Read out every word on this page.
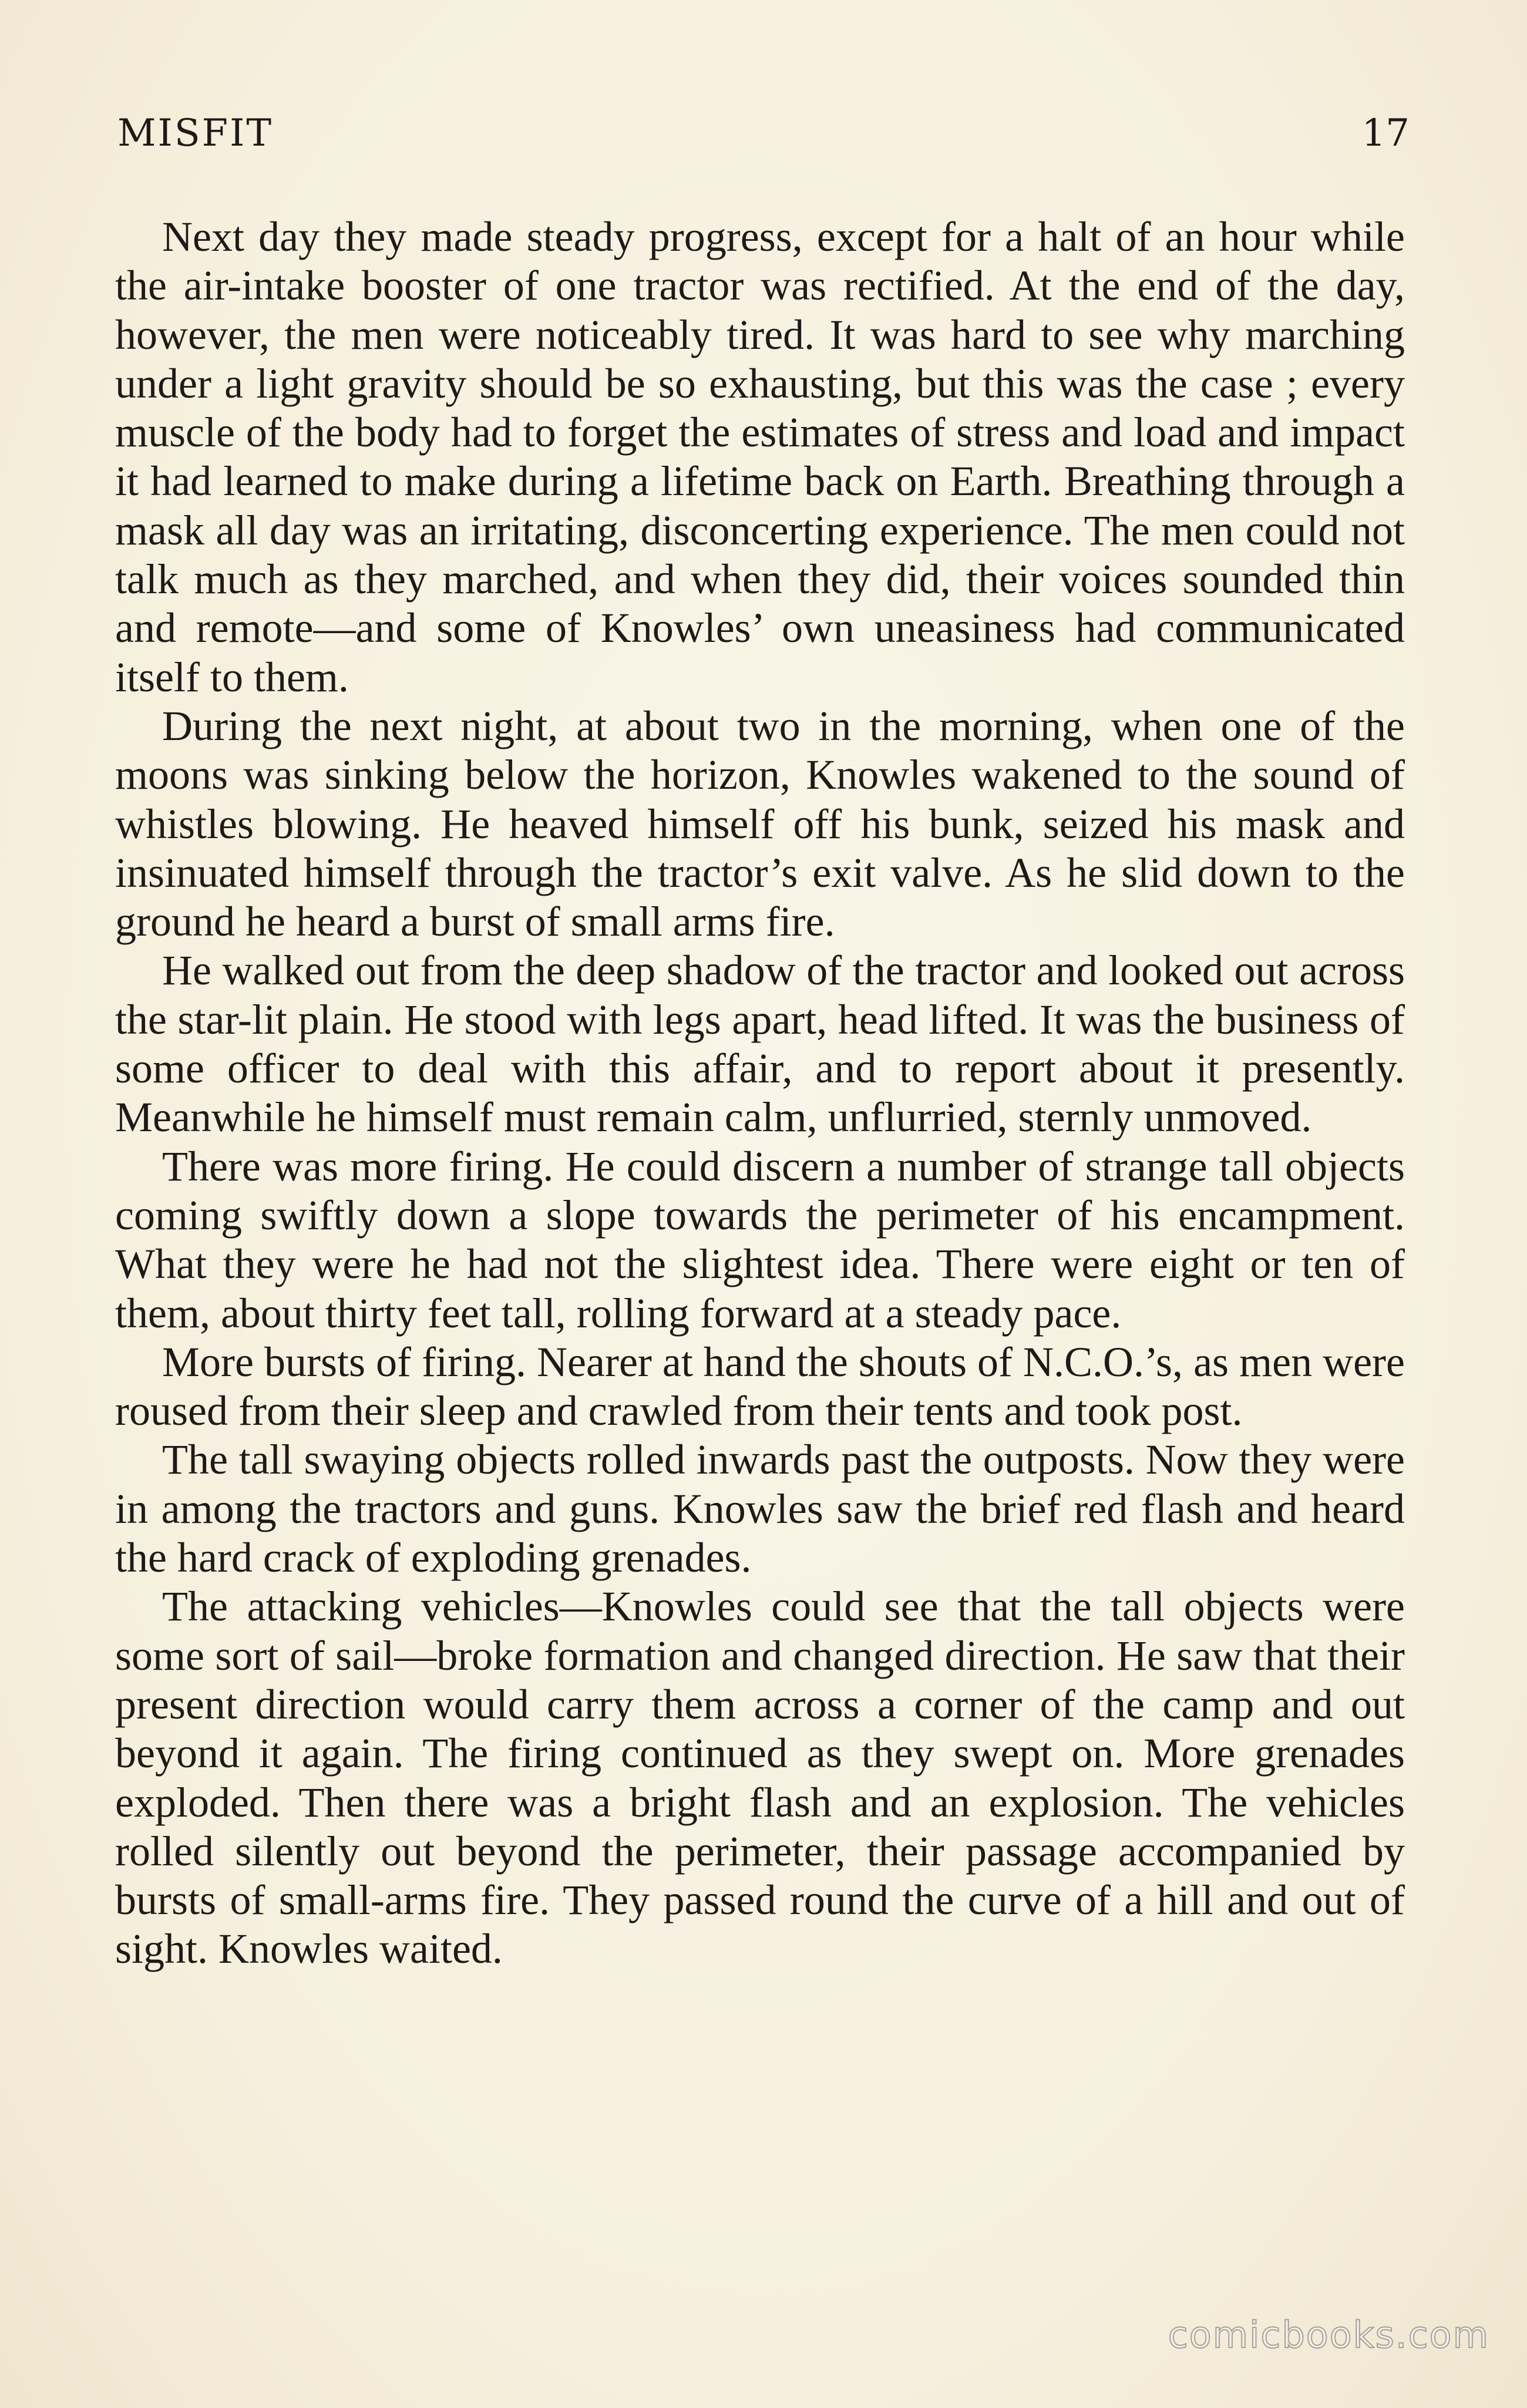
MISFIT	17

Next day they made steady progress, except for a halt of an hour while the air-intake booster of one tractor was rectified. At the end of the day, however, the men were noticeably tired. It was hard to see why marching under a light gravity should be so exhausting, but this was the case ; every muscle of the body had to forget the estimates of stress and load and impact it had learned to make during a lifetime back on Earth. Breathing through a mask all day was an irritating, disconcerting experience. The men could not talk much as they marched, and when they did, their voices sounded thin and remote—and some of Knowles’ own uneasiness had communicated itself to them.

During the next night, at about two in the morning, when one of the moons was sinking below the horizon, Knowles wakened to the sound of whistles blowing. He heaved himself off his bunk, seized his mask and insinuated himself through the tractor’s exit valve. As he slid down to the ground he heard a burst of small arms fire.

He walked out from the deep shadow of the tractor and looked out across the star-lit plain. He stood with legs apart, head lifted. It was the business of some officer to deal with this affair, and to report about it presently. Meanwhile he himself must remain calm, unflurried, sternly unmoved.

There was more firing. He could discern a number of strange tall objects coming swiftly down a slope towards the perimeter of his encampment. What they were he had not the slightest idea. There were eight or ten of them, about thirty feet tall, rolling forward at a steady pace.

More bursts of firing. Nearer at hand the shouts of N.C.O.’s, as men were roused from their sleep and crawled from their tents and took post.

The tall swaying objects rolled inwards past the outposts. Now they were in among the tractors and guns. Knowles saw the brief red flash and heard the hard crack of exploding grenades.

The attacking vehicles—Knowles could see that the tall objects were some sort of sail—broke formation and changed direction. He saw that their present direction would carry them across a corner of the camp and out beyond it again. The firing continued as they swept on. More grenades exploded. Then there was a bright flash and an explosion. The vehicles rolled silently out beyond the perimeter, their passage accompanied by bursts of small-arms fire. They passed round the curve of a hill and out of sight. Knowles waited.

comicbooks.com
